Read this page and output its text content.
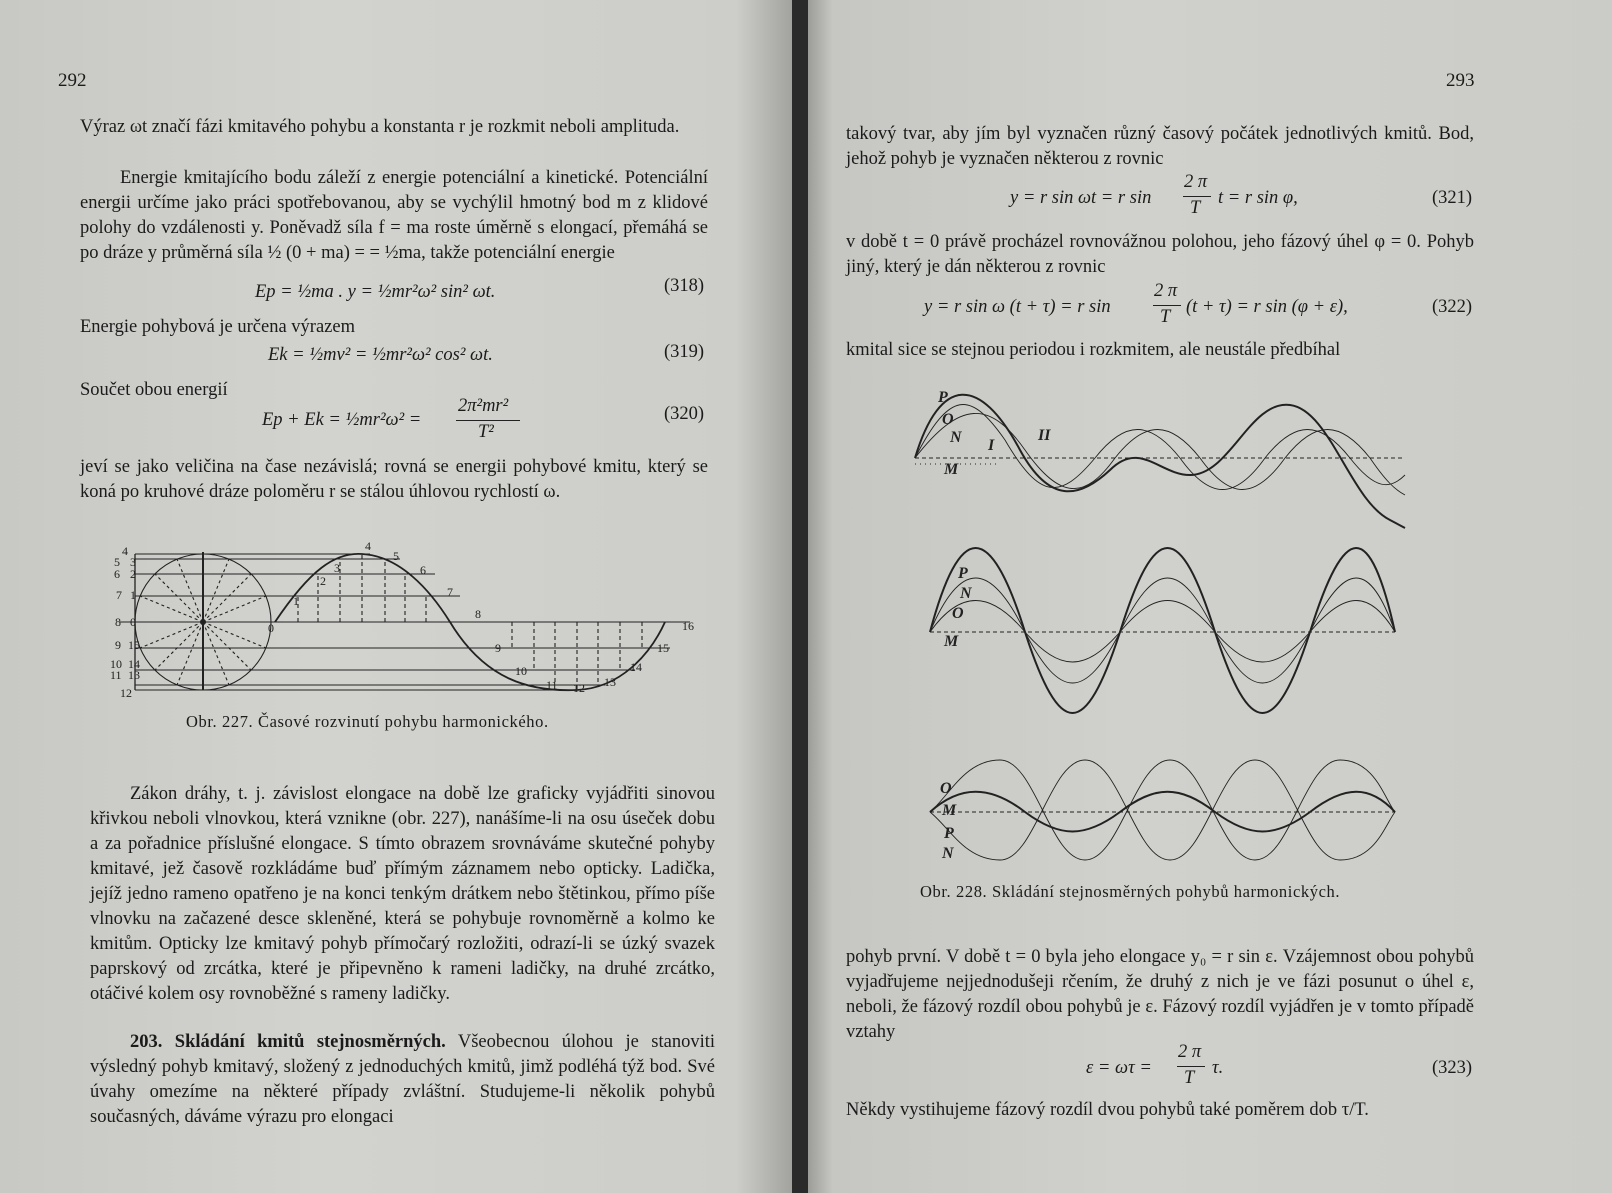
292
Výraz ωt značí fázi kmitavého pohybu a konstanta r je rozkmit neboli amplituda.
Energie kmitajícího bodu záleží z energie potenciální a kinetické. Potenciální energii určíme jako práci spotřebovanou, aby se vychýlil hmotný bod m z klidové polohy do vzdálenosti y. Poněvadž síla f = ma roste úměrně s elongací, přemáhá se po dráze y průměrná síla ½ (0 + ma) = = ½ma, takže potenciální energie
Ep = ½ma . y = ½mr²ω² sin² ωt.	(318)
Energie pohybová je určena výrazem
Ek = ½mv² = ½mr²ω² cos² ωt.	(319)
Součet obou energií
Ep + Ek = ½mr²ω² =
2π²mr²
T²
(320)
jeví se jako veličina na čase nezávislá; rovná se energii pohybové kmitu, který se koná po kruhové dráze poloměru r se stálou úhlovou rychlostí ω.
4
5 3
6 2
7 1
8 0
9 15
10 14
11 13
12
0
1
2
3
4
5
6
7
8
9
10
11 12 13
14
15
16
Obr. 227. Časové rozvinutí pohybu harmonického.
Zákon dráhy, t. j. závislost elongace na době lze graficky vyjádřiti sinovou křivkou neboli vlnovkou, která vznikne (obr. 227), nanášíme-li na osu úseček dobu a za pořadnice příslušné elongace. S tímto obrazem srovnáváme skutečné pohyby kmitavé, jež časově rozkládáme buď přímým záznamem nebo opticky. Ladička, jejíž jedno rameno opatřeno je na konci tenkým drátkem nebo štětinkou, přímo píše vlnovku na začazené desce skleněné, která se pohybuje rovnoměrně a kolmo ke kmitům. Opticky lze kmitavý pohyb přímočarý rozložiti, odrazí-li se úzký svazek paprskový od zrcátka, které je připevněno k rameni ladičky, na druhé zrcátko, otáčivé kolem osy rovnoběžné s rameny ladičky.
203. Skládání kmitů stejnosměrných. Všeobecnou úlohou je stanoviti výsledný pohyb kmitavý, složený z jednoduchých kmitů, jimž podléhá týž bod. Své úvahy omezíme na některé případy zvláštní. Studujeme-li několik pohybů současných, dáváme výrazu pro elongaci
293
takový tvar, aby jím byl vyznačen různý časový počátek jednotlivých kmitů. Bod, jehož pohyb je vyznačen některou z rovnic
y = r sin ωt = r sin
2 π
T t = r sin φ,	(321)
v době t = 0 právě procházel rovnovážnou polohou, jeho fázový úhel φ = 0. Pohyb jiný, který je dán některou z rovnic
y = r sin ω (t + τ) = r sin
2 π
T (t + τ) = r sin (φ + ε),	(322)
kmital sice se stejnou periodou i rozkmitem, ale neustále předbíhal
P
O
N I
M
II
P
N
O
M
O
M
P
N
Obr. 228. Skládání stejnosměrných pohybů harmonických.
pohyb první. V době t = 0 byla jeho elongace y₀ = r sin ε. Vzájemnost obou pohybů vyjadřujeme nejjednodušeji rčením, že druhý z nich je ve fázi posunut o úhel ε, neboli, že fázový rozdíl obou pohybů je ε. Fázový rozdíl vyjádřen je v tomto případě vztahy
ε = ωτ =
2 π
T τ.	(323)
Někdy vystihujeme fázový rozdíl dvou pohybů také poměrem dob τ/T.
